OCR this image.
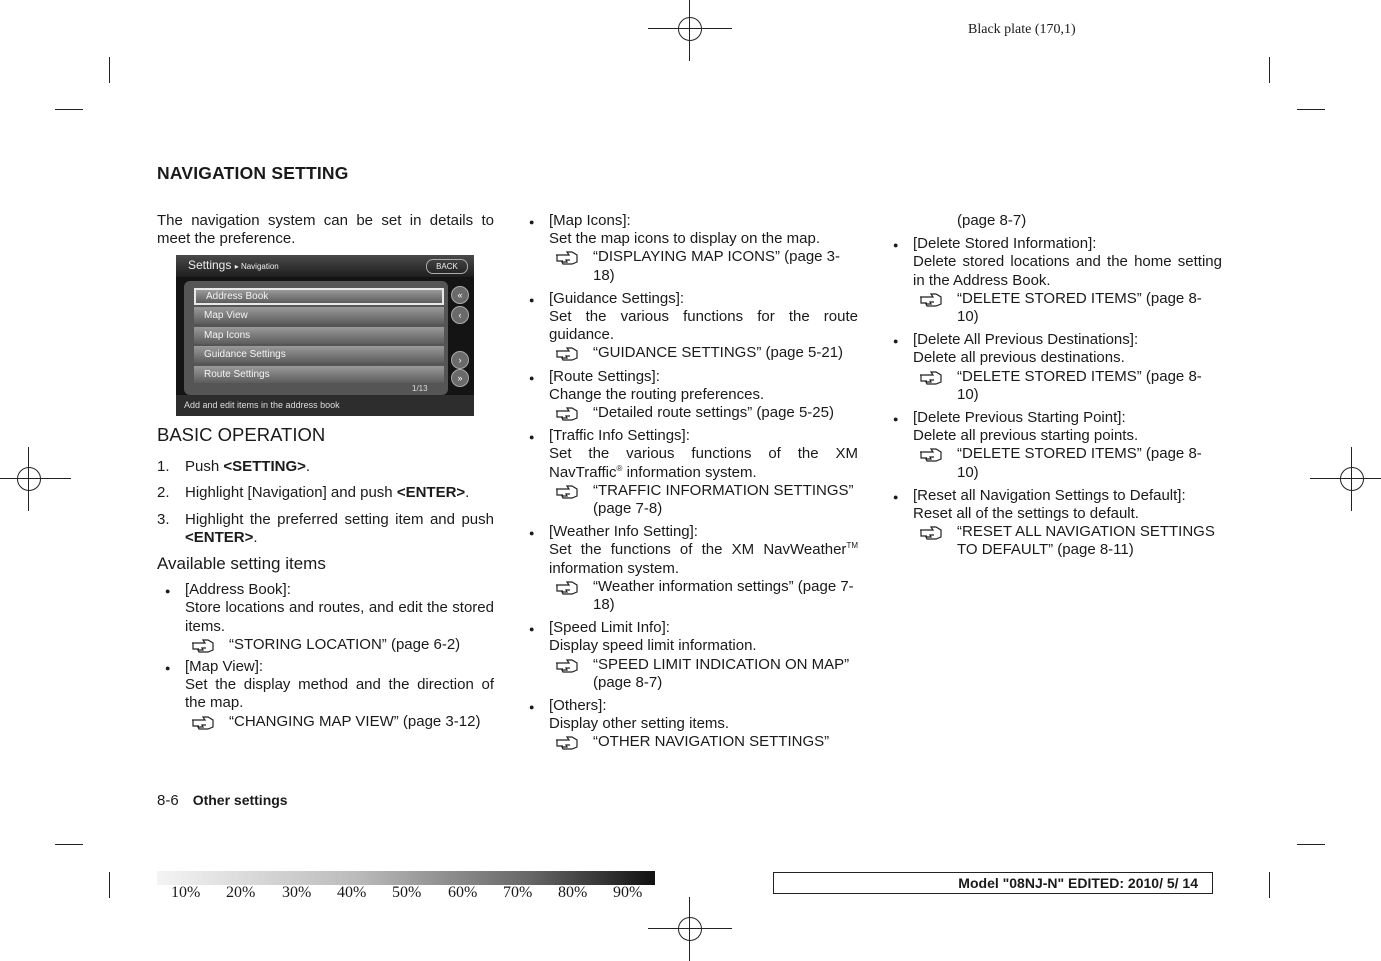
Black plate (170,1)
NAVIGATION SETTING

The navigation system can be set in details to meet the preference.

Settings ▸ Navigation	BACK
Address Book
Map View
Map Icons
Guidance Settings
Route Settings
«
‹
›
»
1/13
Add and edit items in the address book

BASIC OPERATION

1. Push <SETTING>.
2. Highlight [Navigation] and push <ENTER>.
3. Highlight the preferred setting item and push <ENTER>.

Available setting items

[Address Book]:

Store locations and routes, and edit the stored items.

“STORING LOCATION” (page 6-2)

[Map View]:

Set the display method and the direction of the map.

“CHANGING MAP VIEW” (page 3-12)

[Map Icons]:

Set the map icons to display on the map.

“DISPLAYING MAP ICONS” (page 3-18)

[Guidance Settings]:

Set the various functions for the route guidance.

“GUIDANCE SETTINGS” (page 5-21)

[Route Settings]:

Change the routing preferences.

“Detailed route settings” (page 5-25)

[Traffic Info Settings]:

Set the various functions of the XM NavTraffic® information system.

“TRAFFIC INFORMATION SETTINGS” (page 7-8)

[Weather Info Setting]:

Set the functions of the XM NavWeather™ information system.

“Weather information settings” (page 7-18)

[Speed Limit Info]:

Display speed limit information.

“SPEED LIMIT INDICATION ON MAP” (page 8-7)

[Others]:

Display other setting items.

“OTHER NAVIGATION SETTINGS”

(page 8-7)

[Delete Stored Information]:

Delete stored locations and the home setting in the Address Book.

“DELETE STORED ITEMS” (page 8-10)

[Delete All Previous Destinations]:

Delete all previous destinations.

“DELETE STORED ITEMS” (page 8-10)

[Delete Previous Starting Point]:

Delete all previous starting points.

“DELETE STORED ITEMS” (page 8-10)

[Reset all Navigation Settings to Default]:

Reset all of the settings to default.

“RESET ALL NAVIGATION SETTINGS TO DEFAULT” (page 8-11)
8-6 Other settings
10% 20% 30% 40% 50% 60% 70% 80% 90%
Model "08NJ-N" EDITED: 2010/ 5/ 14
